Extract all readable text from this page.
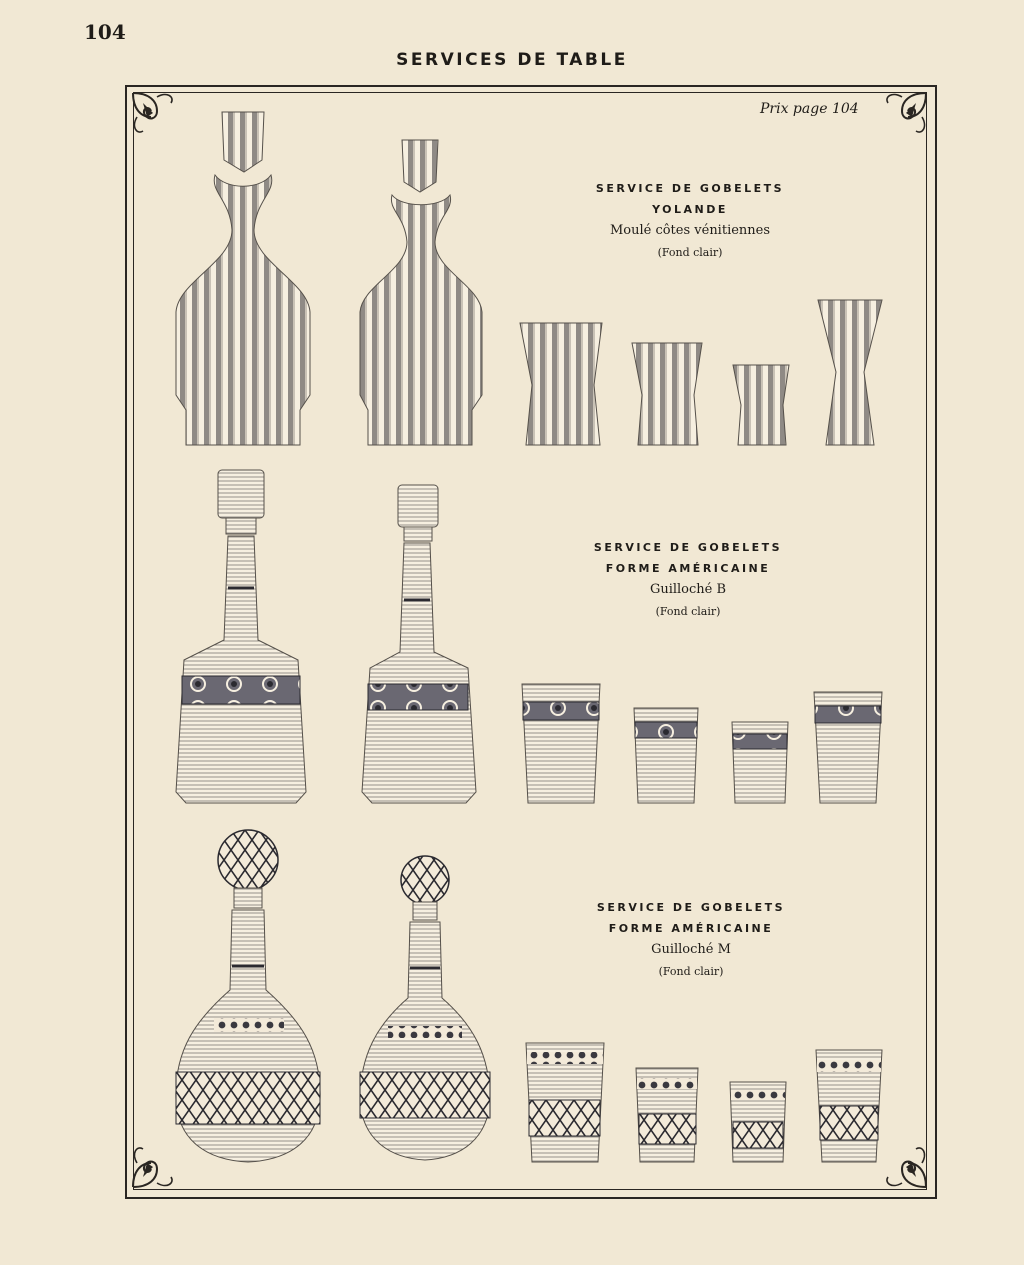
104
SERVICES DE TABLE
Prix page 104
SERVICE DE GOBELETS
YOLANDE
Moulé côtes vénitiennes
(Fond clair)
SERVICE DE GOBELETS
FORME AMÉRICAINE
Guilloché B
(Fond clair)
SERVICE DE GOBELETS
FORME AMÉRICAINE
Guilloché M
(Fond clair)
